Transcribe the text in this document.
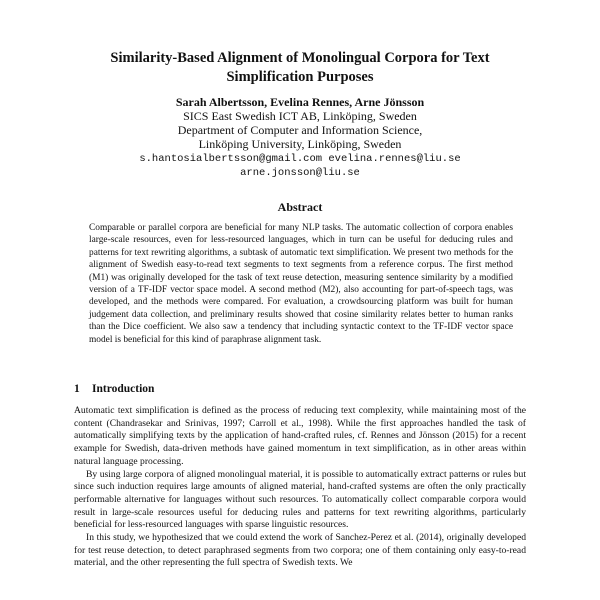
Similarity-Based Alignment of Monolingual Corpora for Text Simplification Purposes
Sarah Albertsson, Evelina Rennes, Arne Jönsson
SICS East Swedish ICT AB, Linköping, Sweden
Department of Computer and Information Science,
Linköping University, Linköping, Sweden
s.hantosialbertsson@gmail.com evelina.rennes@liu.se
arne.jonsson@liu.se
Abstract
Comparable or parallel corpora are beneficial for many NLP tasks. The automatic collection of corpora enables large-scale resources, even for less-resourced languages, which in turn can be useful for deducing rules and patterns for text rewriting algorithms, a subtask of automatic text simplification. We present two methods for the alignment of Swedish easy-to-read text segments to text segments from a reference corpus. The first method (M1) was originally developed for the task of text reuse detection, measuring sentence similarity by a modified version of a TF-IDF vector space model. A second method (M2), also accounting for part-of-speech tags, was developed, and the methods were compared. For evaluation, a crowdsourcing platform was built for human judgement data collection, and preliminary results showed that cosine similarity relates better to human ranks than the Dice coefficient. We also saw a tendency that including syntactic context to the TF-IDF vector space model is beneficial for this kind of paraphrase alignment task.
1 Introduction

Automatic text simplification is defined as the process of reducing text complexity, while maintaining most of the content (Chandrasekar and Srinivas, 1997; Carroll et al., 1998). While the first approaches handled the task of automatically simplifying texts by the application of hand-crafted rules, cf. Rennes and Jönsson (2015) for a recent example for Swedish, data-driven methods have gained momentum in text simplification, as in other areas within natural language processing.

By using large corpora of aligned monolingual material, it is possible to automatically extract patterns or rules but since such induction requires large amounts of aligned material, hand-crafted systems are often the only practically performable alternative for languages without such resources. To automatically collect comparable corpora would result in large-scale resources useful for deducing rules and patterns for text rewriting algorithms, particularly beneficial for less-resourced languages with sparse linguistic resources.

In this study, we hypothesized that we could extend the work of Sanchez-Perez et al. (2014), originally developed for test reuse detection, to detect paraphrased segments from two corpora; one of them containing only easy-to-read material, and the other representing the full spectra of Swedish texts. We
